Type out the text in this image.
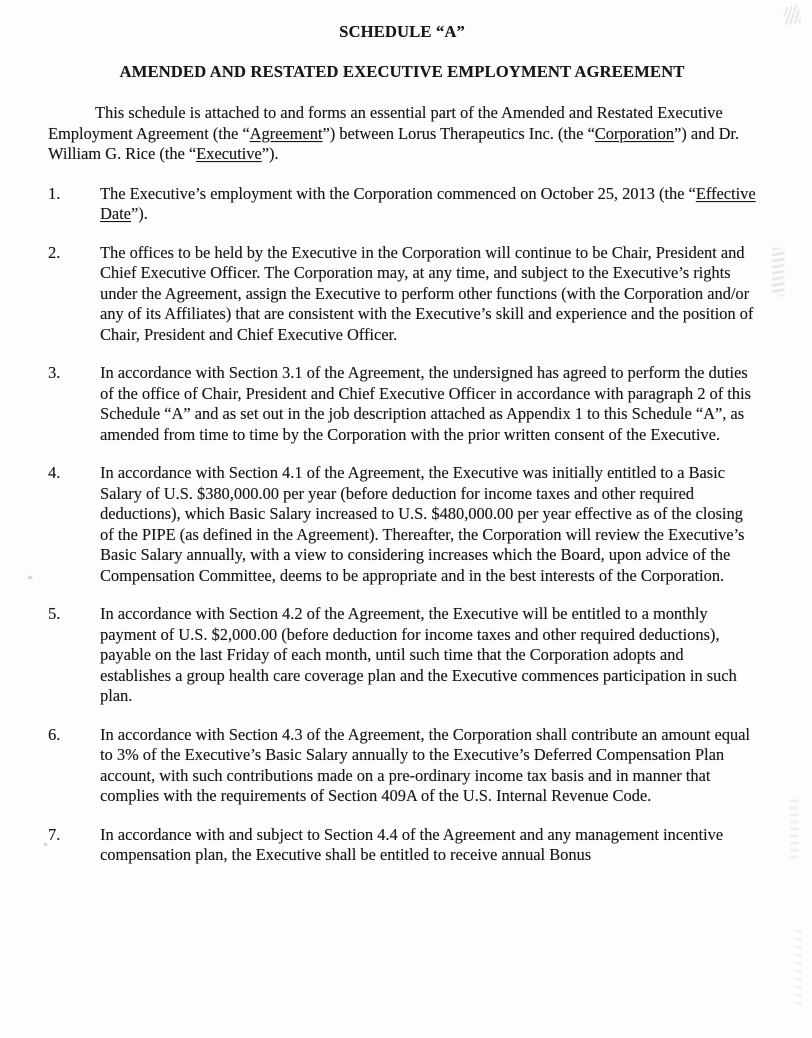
SCHEDULE “A”
AMENDED AND RESTATED EXECUTIVE EMPLOYMENT AGREEMENT

This schedule is attached to and forms an essential part of the Amended and Restated Executive Employment Agreement (the “Agreement”) between Lorus Therapeutics Inc. (the “Corporation”) and Dr. William G. Rice (the “Executive”).

1.	The Executive’s employment with the Corporation commenced on October 25, 2013 (the “Effective Date”).
2.	The offices to be held by the Executive in the Corporation will continue to be Chair, President and Chief Executive Officer. The Corporation may, at any time, and subject to the Executive’s rights under the Agreement, assign the Executive to perform other functions (with the Corporation and/or any of its Affiliates) that are consistent with the Executive’s skill and experience and the position of Chair, President and Chief Executive Officer.
3.	In accordance with Section 3.1 of the Agreement, the undersigned has agreed to perform the duties of the office of Chair, President and Chief Executive Officer in accordance with paragraph 2 of this Schedule “A” and as set out in the job description attached as Appendix 1 to this Schedule “A”, as amended from time to time by the Corporation with the prior written consent of the Executive.
4.	In accordance with Section 4.1 of the Agreement, the Executive was initially entitled to a Basic Salary of U.S. $380,000.00 per year (before deduction for income taxes and other required deductions), which Basic Salary increased to U.S. $480,000.00 per year effective as of the closing of the PIPE (as defined in the Agreement). Thereafter, the Corporation will review the Executive’s Basic Salary annually, with a view to considering increases which the Board, upon advice of the Compensation Committee, deems to be appropriate and in the best interests of the Corporation.
5.	In accordance with Section 4.2 of the Agreement, the Executive will be entitled to a monthly payment of U.S. $2,000.00 (before deduction for income taxes and other required deductions), payable on the last Friday of each month, until such time that the Corporation adopts and establishes a group health care coverage plan and the Executive commences participation in such plan.
6.	In accordance with Section 4.3 of the Agreement, the Corporation shall contribute an amount equal to 3% of the Executive’s Basic Salary annually to the Executive’s Deferred Compensation Plan account, with such contributions made on a pre-ordinary income tax basis and in manner that complies with the requirements of Section 409A of the U.S. Internal Revenue Code.
7.	In accordance with and subject to Section 4.4 of the Agreement and any management incentive compensation plan, the Executive shall be entitled to receive annual Bonus
